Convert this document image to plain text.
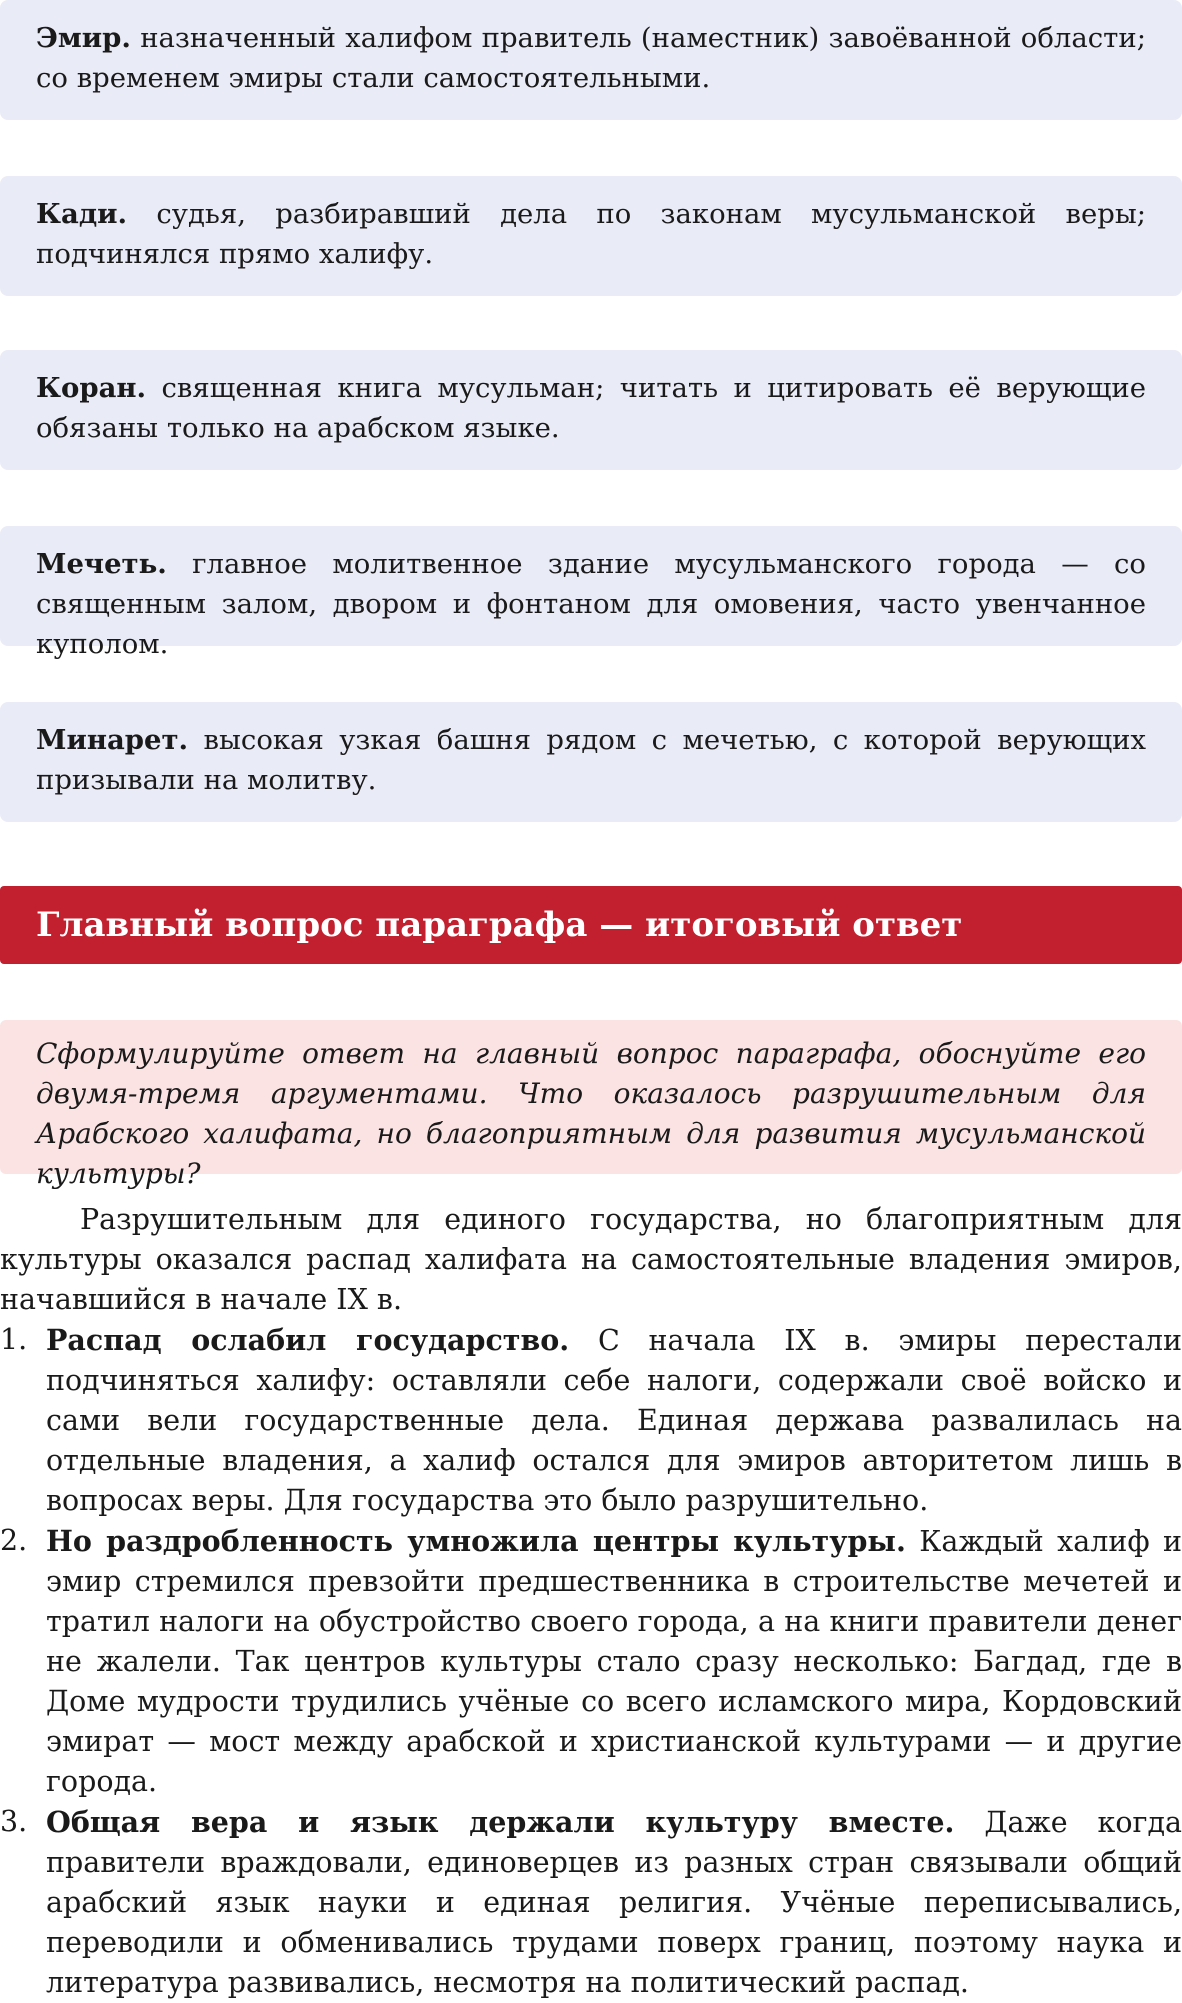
Эмир. назначенный халифом правитель (наместник) завоёванной области; со временем эмиры стали самостоятельными.
Кади. судья, разбиравший дела по законам мусульманской веры; подчинялся прямо халифу.
Коран. священная книга мусульман; читать и цитировать её верующие обязаны только на арабском языке.
Мечеть. главное молитвенное здание мусульманского города — со священным залом, двором и фонтаном для омовения, часто увенчанное куполом.
Минарет. высокая узкая башня рядом с мечетью, с которой верующих призывали на молитву.
Главный вопрос параграфа — итоговый ответ
Сформулируйте ответ на главный вопрос параграфа, обоснуйте его двумя-тремя аргументами. Что оказалось разрушительным для Арабского халифата, но благоприятным для развития мусульманской культуры?

Разрушительным для единого государства, но благоприятным для культуры оказался распад халифата на самостоятельные владения эмиров, начавшийся в начале IX в.

1. Распад ослабил государство. С начала IX в. эмиры перестали подчиняться халифу: оставляли себе налоги, содержали своё войско и сами вели государственные дела. Единая держава развалилась на отдельные владения, а халиф остался для эмиров авторитетом лишь в вопросах веры. Для государства это было разрушительно.
2. Но раздробленность умножила центры культуры. Каждый халиф и эмир стремился превзойти предшественника в строительстве мечетей и тратил налоги на обустройство своего города, а на книги правители денег не жалели. Так центров культуры стало сразу несколько: Багдад, где в Доме мудрости трудились учёные со всего исламского мира, Кордовский эмират — мост между арабской и христианской культурами — и другие города.
3. Общая вера и язык держали культуру вместе. Даже когда правители враждовали, единоверцев из разных стран связывали общий арабский язык науки и единая религия. Учёные переписывались, переводили и обменивались трудами поверх границ, поэтому наука и литература развивались, несмотря на политический распад.
